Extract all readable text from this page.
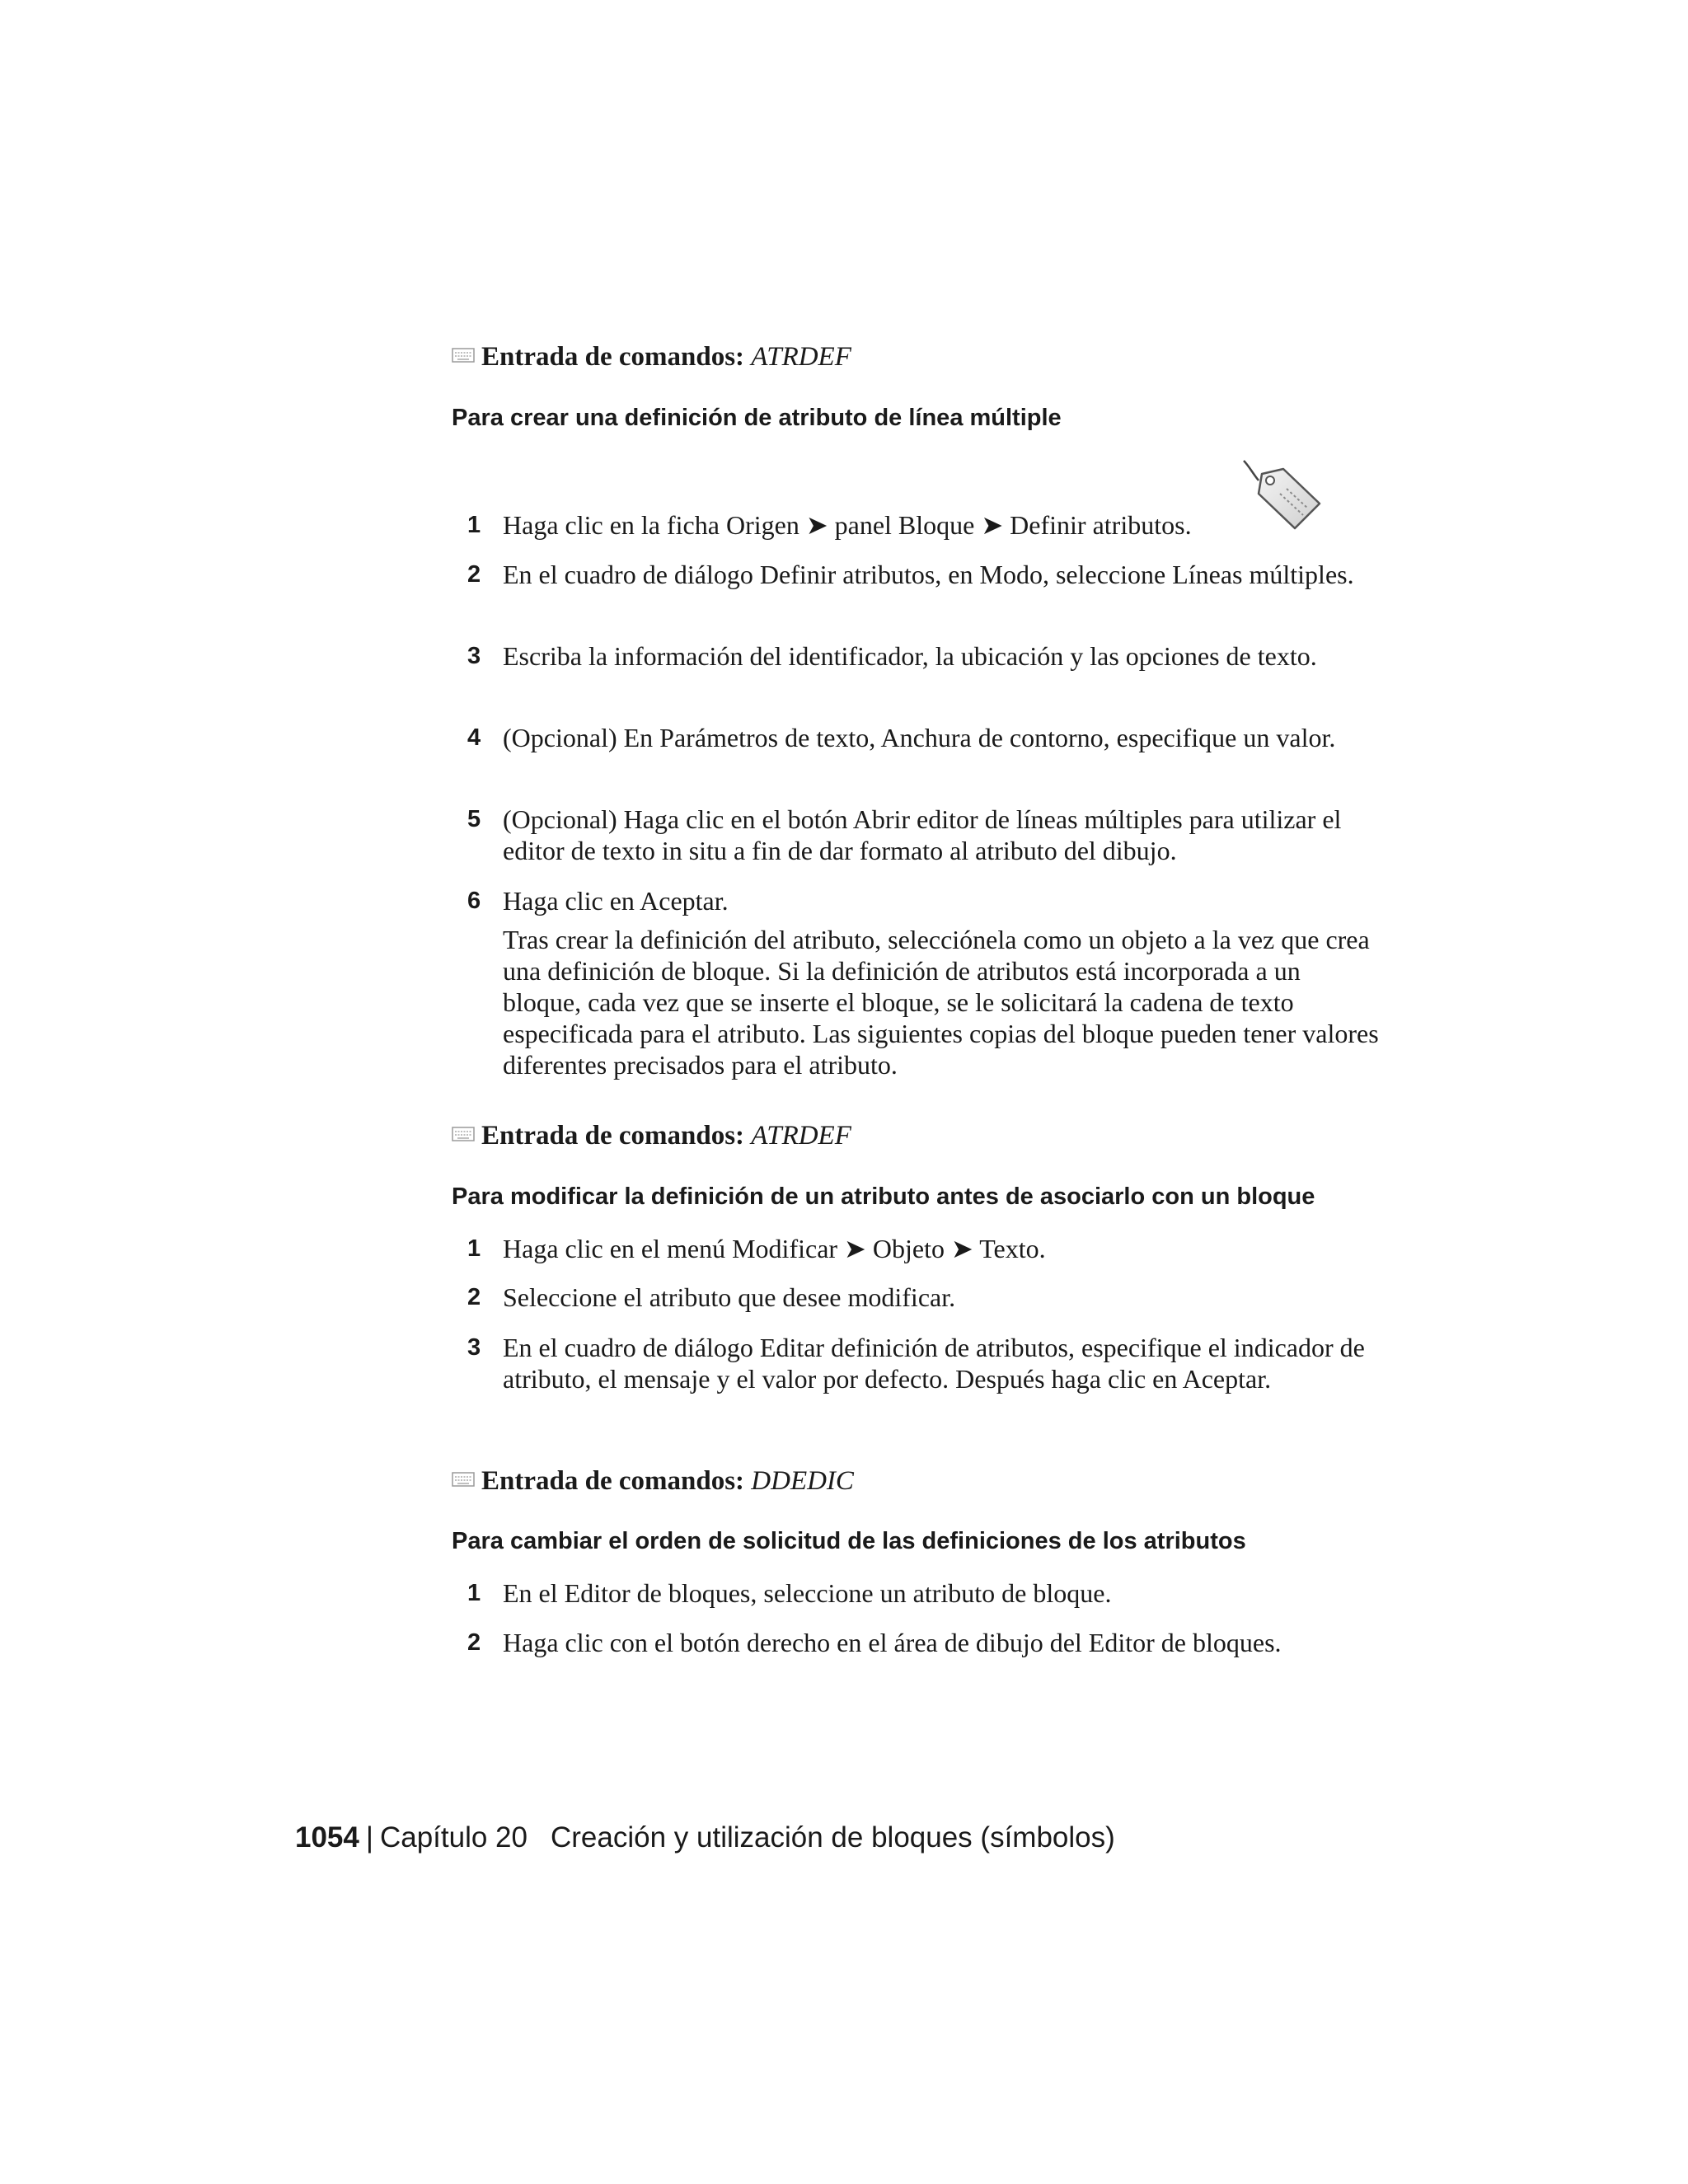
Entrada de comandos: ATRDEF
Para crear una definición de atributo de línea múltiple
1 Haga clic en la ficha Origen ➤ panel Bloque ➤ Definir atributos.
2 En el cuadro de diálogo Definir atributos, en Modo, seleccione Líneas múltiples.
3 Escriba la información del identificador, la ubicación y las opciones de texto.
4 (Opcional) En Parámetros de texto, Anchura de contorno, especifique un valor.
5 (Opcional) Haga clic en el botón Abrir editor de líneas múltiples para utilizar el editor de texto in situ a fin de dar formato al atributo del dibujo.
6 Haga clic en Aceptar.
Tras crear la definición del atributo, selecciónela como un objeto a la vez que crea una definición de bloque. Si la definición de atributos está incorporada a un bloque, cada vez que se inserte el bloque, se le solicitará la cadena de texto especificada para el atributo. Las siguientes copias del bloque pueden tener valores diferentes precisados para el atributo.
Entrada de comandos: ATRDEF
Para modificar la definición de un atributo antes de asociarlo con un bloque
1 Haga clic en el menú Modificar ➤ Objeto ➤ Texto.
2 Seleccione el atributo que desee modificar.
3 En el cuadro de diálogo Editar definición de atributos, especifique el indicador de atributo, el mensaje y el valor por defecto. Después haga clic en Aceptar.
Entrada de comandos: DDEDIC
Para cambiar el orden de solicitud de las definiciones de los atributos
1 En el Editor de bloques, seleccione un atributo de bloque.
2 Haga clic con el botón derecho en el área de dibujo del Editor de bloques.
1054 | Capítulo 20 Creación y utilización de bloques (símbolos)
